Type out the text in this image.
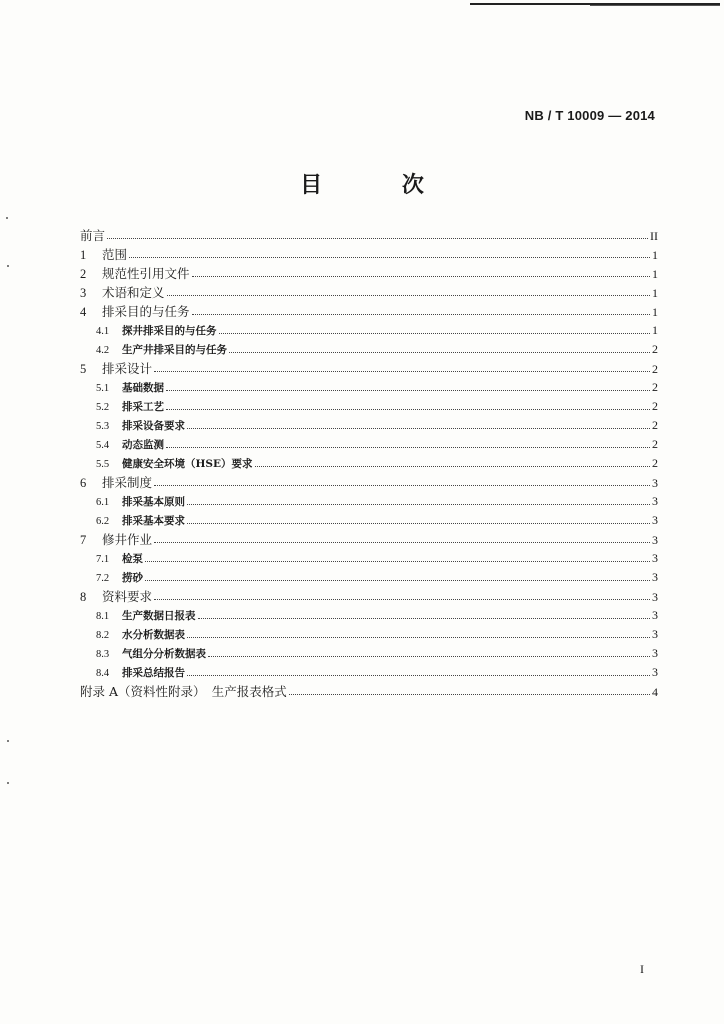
NB / T 10009 — 2014
目 次
前言	II
1	范围	1
2	规范性引用文件	1
3	术语和定义	1
4	排采目的与任务	1
4.1	探井排采目的与任务	1
4.2	生产井排采目的与任务	2
5	排采设计	2
5.1	基础数据	2
5.2	排采工艺	2
5.3	排采设备要求	2
5.4	动态监测	2
5.5	健康安全环境（HSE）要求	2
6	排采制度	3
6.1	排采基本原则	3
6.2	排采基本要求	3
7	修井作业	3
7.1	检泵	3
7.2	捞砂	3
8	资料要求	3
8.1	生产数据日报表	3
8.2	水分析数据表	3
8.3	气组分分析数据表	3
8.4	排采总结报告	3
附录 A（资料性附录）　生产报表格式	4
I
